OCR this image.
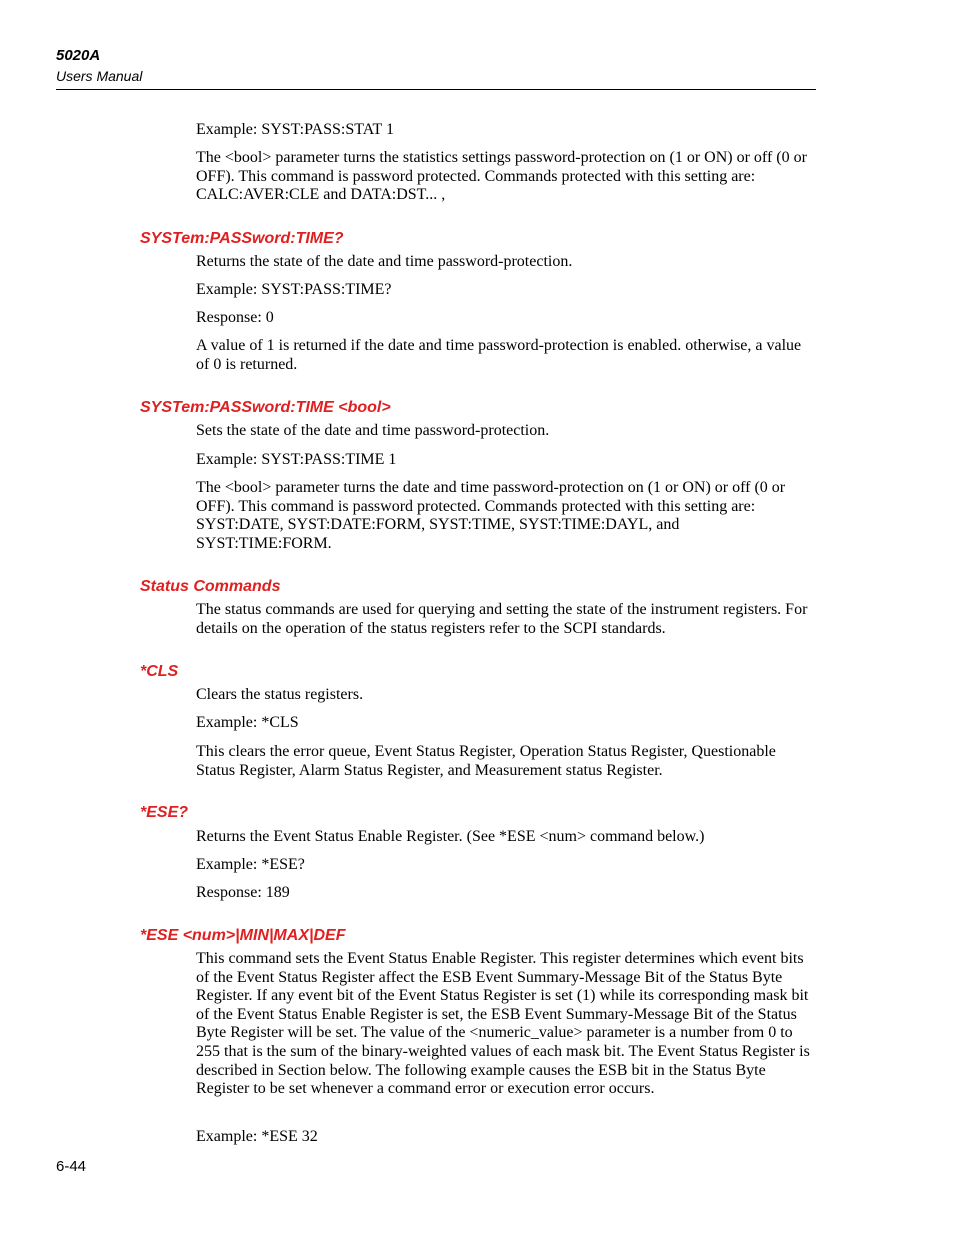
5020A
Users Manual

Example: SYST:PASS:STAT 1

The <bool> parameter turns the statistics settings password-protection on (1 or ON) or off (0 or OFF). This command is password protected. Commands protected with this setting are: CALC:AVER:CLE and DATA:DST... ,

SYSTem:PASSword:TIME?

Returns the state of the date and time password-protection.

Example: SYST:PASS:TIME?

Response: 0

A value of 1 is returned if the date and time password-protection is enabled. otherwise, a value of 0 is returned.

SYSTem:PASSword:TIME <bool>

Sets the state of the date and time password-protection.

Example: SYST:PASS:TIME 1

The <bool> parameter turns the date and time password-protection on (1 or ON) or off (0 or OFF). This command is password protected. Commands protected with this setting are: SYST:DATE, SYST:DATE:FORM, SYST:TIME, SYST:TIME:DAYL, and SYST:TIME:FORM.

Status Commands

The status commands are used for querying and setting the state of the instrument registers. For details on the operation of the status registers refer to the SCPI standards.

*CLS

Clears the status registers.

Example: *CLS

This clears the error queue, Event Status Register, Operation Status Register, Questionable Status Register, Alarm Status Register, and Measurement status Register.

*ESE?

Returns the Event Status Enable Register. (See *ESE <num> command below.)

Example: *ESE?

Response: 189

*ESE <num>|MIN|MAX|DEF

This command sets the Event Status Enable Register. This register determines which event bits of the Event Status Register affect the ESB Event Summary-Message Bit of the Status Byte Register. If any event bit of the Event Status Register is set (1) while its corresponding mask bit of the Event Status Enable Register is set, the ESB Event Summary-Message Bit of the Status Byte Register will be set. The value of the <numeric_value> parameter is a number from 0 to 255 that is the sum of the binary-weighted values of each mask bit. The Event Status Register is described in Section below. The following example causes the ESB bit in the Status Byte Register to be set whenever a command error or execution error occurs.

Example: *ESE 32

6-44
